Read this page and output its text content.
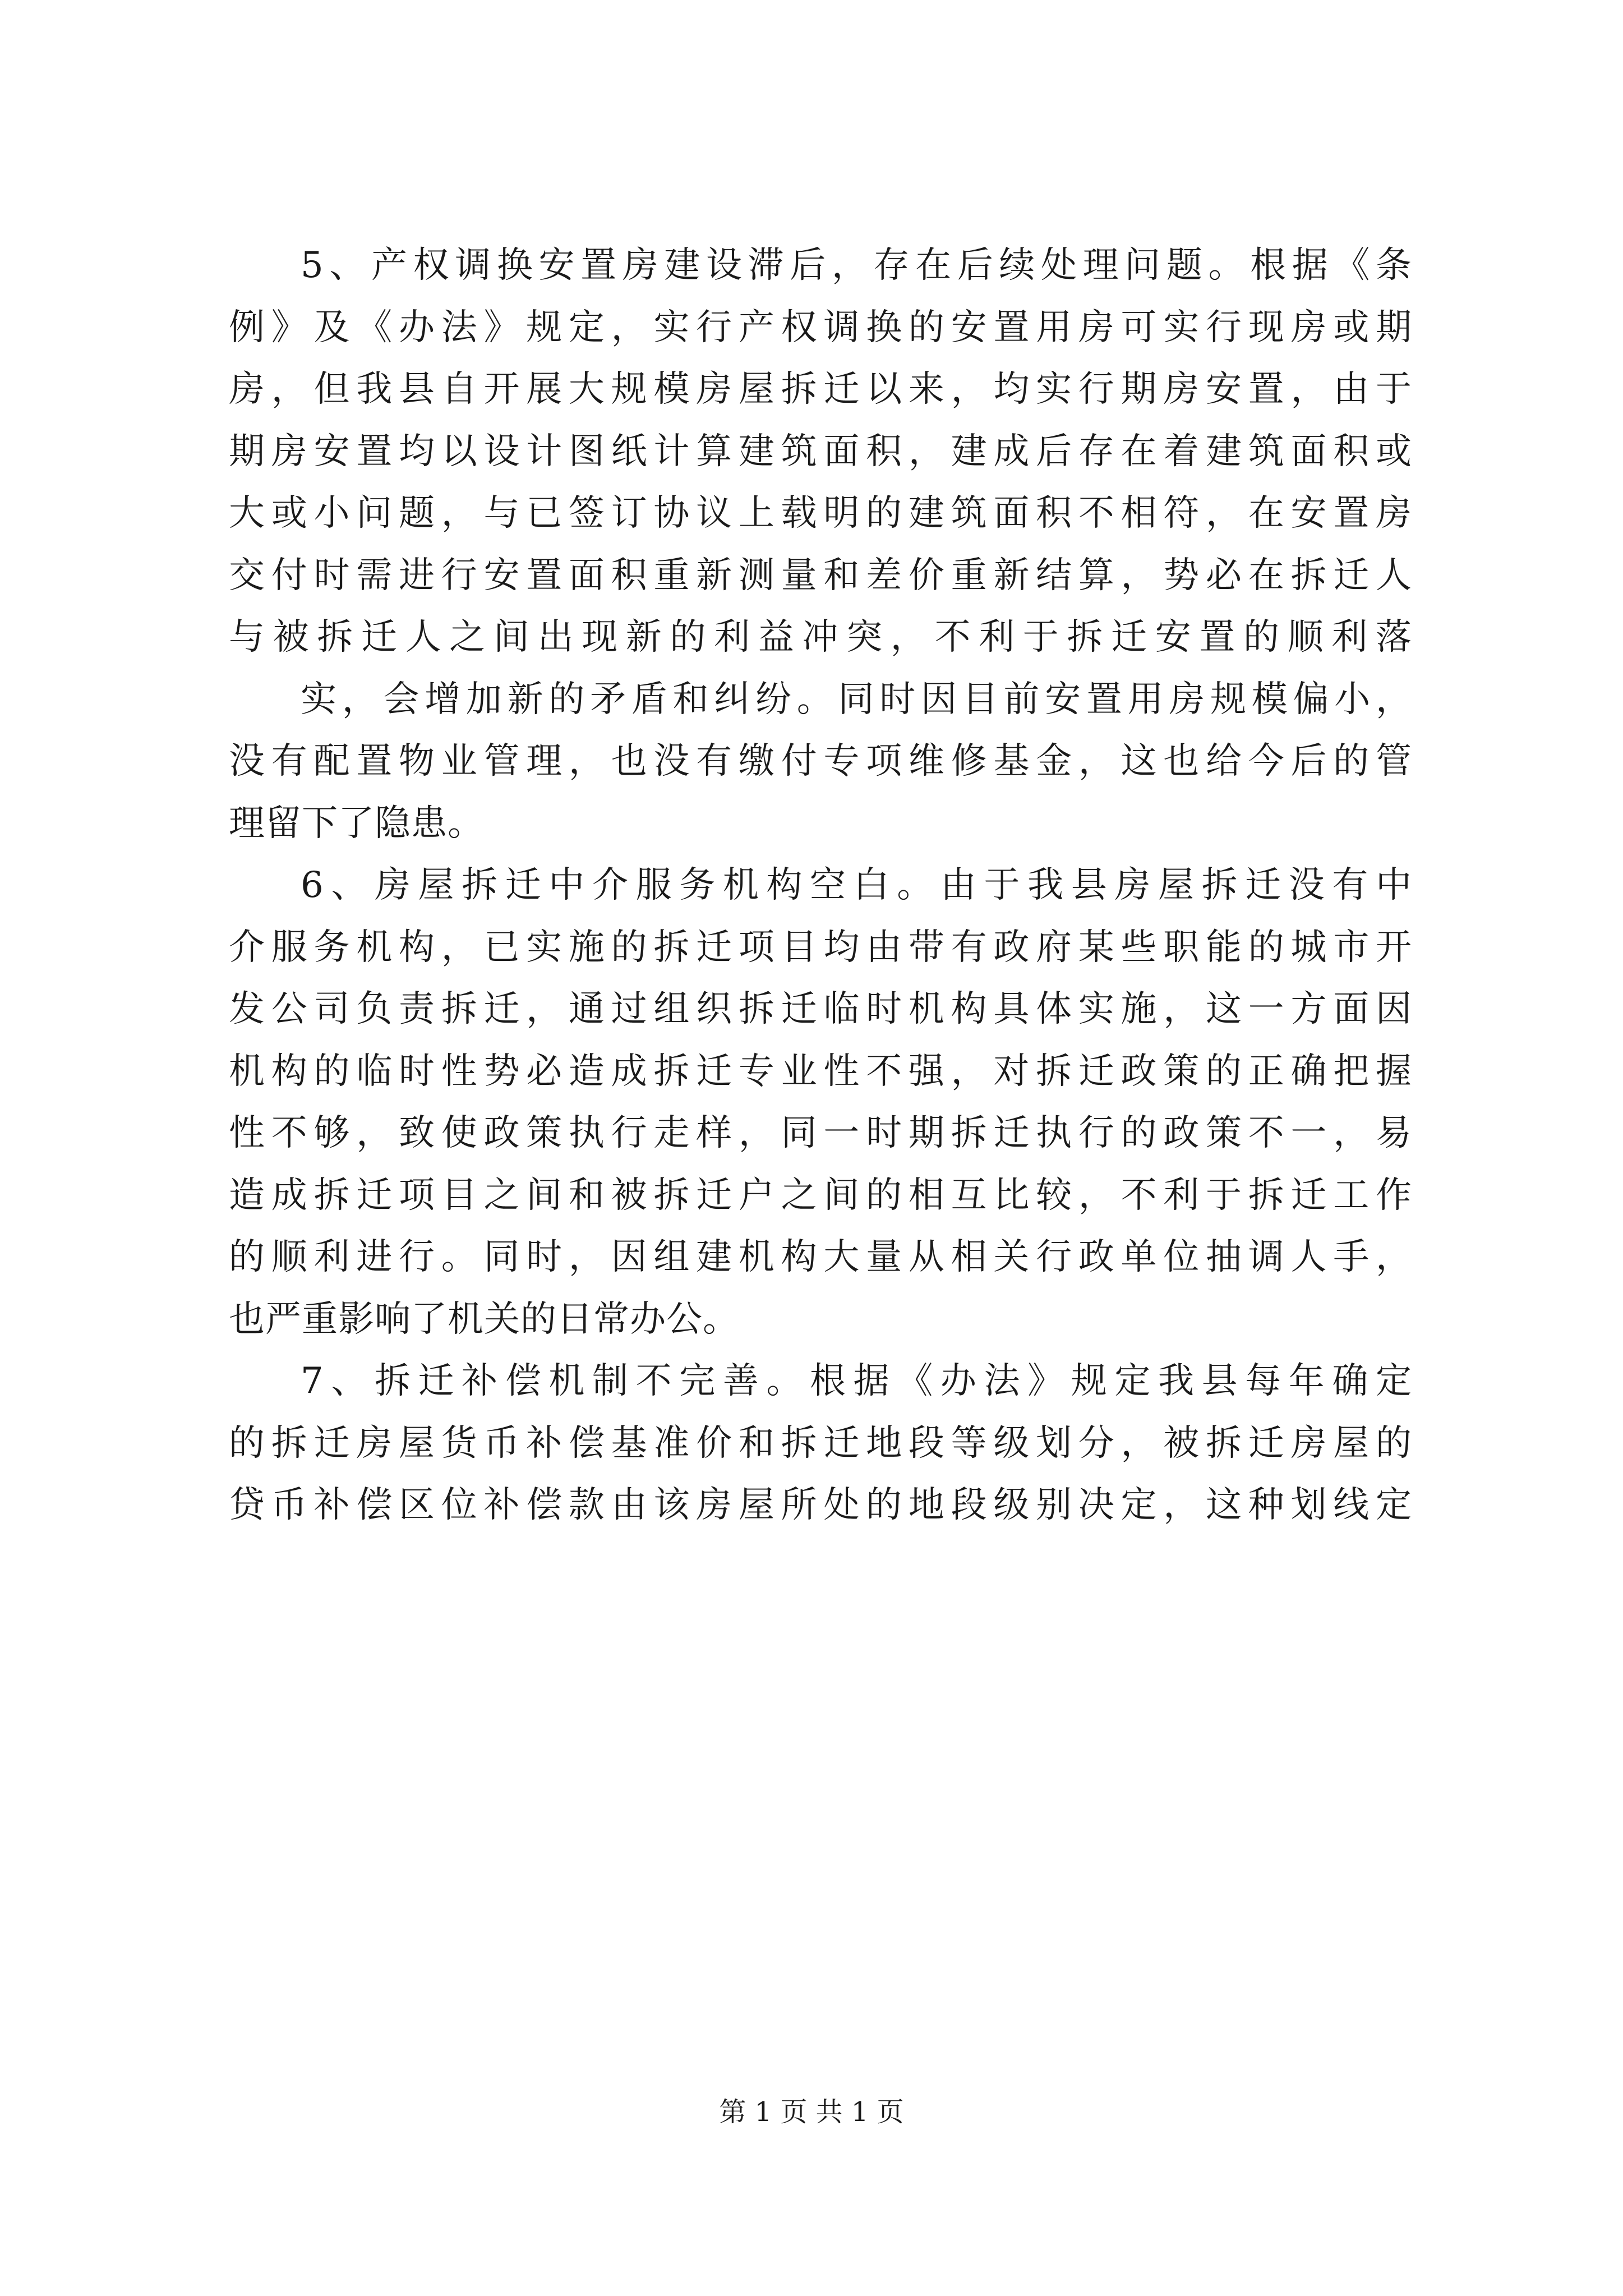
5、产权调换安置房建设滞后，存在后续处理问题。根据《条
例》及《办法》规定，实行产权调换的安置用房可实行现房或期
房，但我县自开展大规模房屋拆迁以来，均实行期房安置，由于
期房安置均以设计图纸计算建筑面积，建成后存在着建筑面积或
大或小问题，与已签订协议上载明的建筑面积不相符，在安置房
交付时需进行安置面积重新测量和差价重新结算，势必在拆迁人
与被拆迁人之间出现新的利益冲突，不利于拆迁安置的顺利落
实，会增加新的矛盾和纠纷。同时因目前安置用房规模偏小，
没有配置物业管理，也没有缴付专项维修基金，这也给今后的管
理留下了隐患。
6、房屋拆迁中介服务机构空白。由于我县房屋拆迁没有中
介服务机构，已实施的拆迁项目均由带有政府某些职能的城市开
发公司负责拆迁，通过组织拆迁临时机构具体实施，这一方面因
机构的临时性势必造成拆迁专业性不强，对拆迁政策的正确把握
性不够，致使政策执行走样，同一时期拆迁执行的政策不一，易
造成拆迁项目之间和被拆迁户之间的相互比较，不利于拆迁工作
的顺利进行。同时，因组建机构大量从相关行政单位抽调人手，
也严重影响了机关的日常办公。
7、拆迁补偿机制不完善。根据《办法》规定我县每年确定
的拆迁房屋货币补偿基准价和拆迁地段等级划分，被拆迁房屋的
贷币补偿区位补偿款由该房屋所处的地段级别决定，这种划线定
第 1 页 共 1 页
